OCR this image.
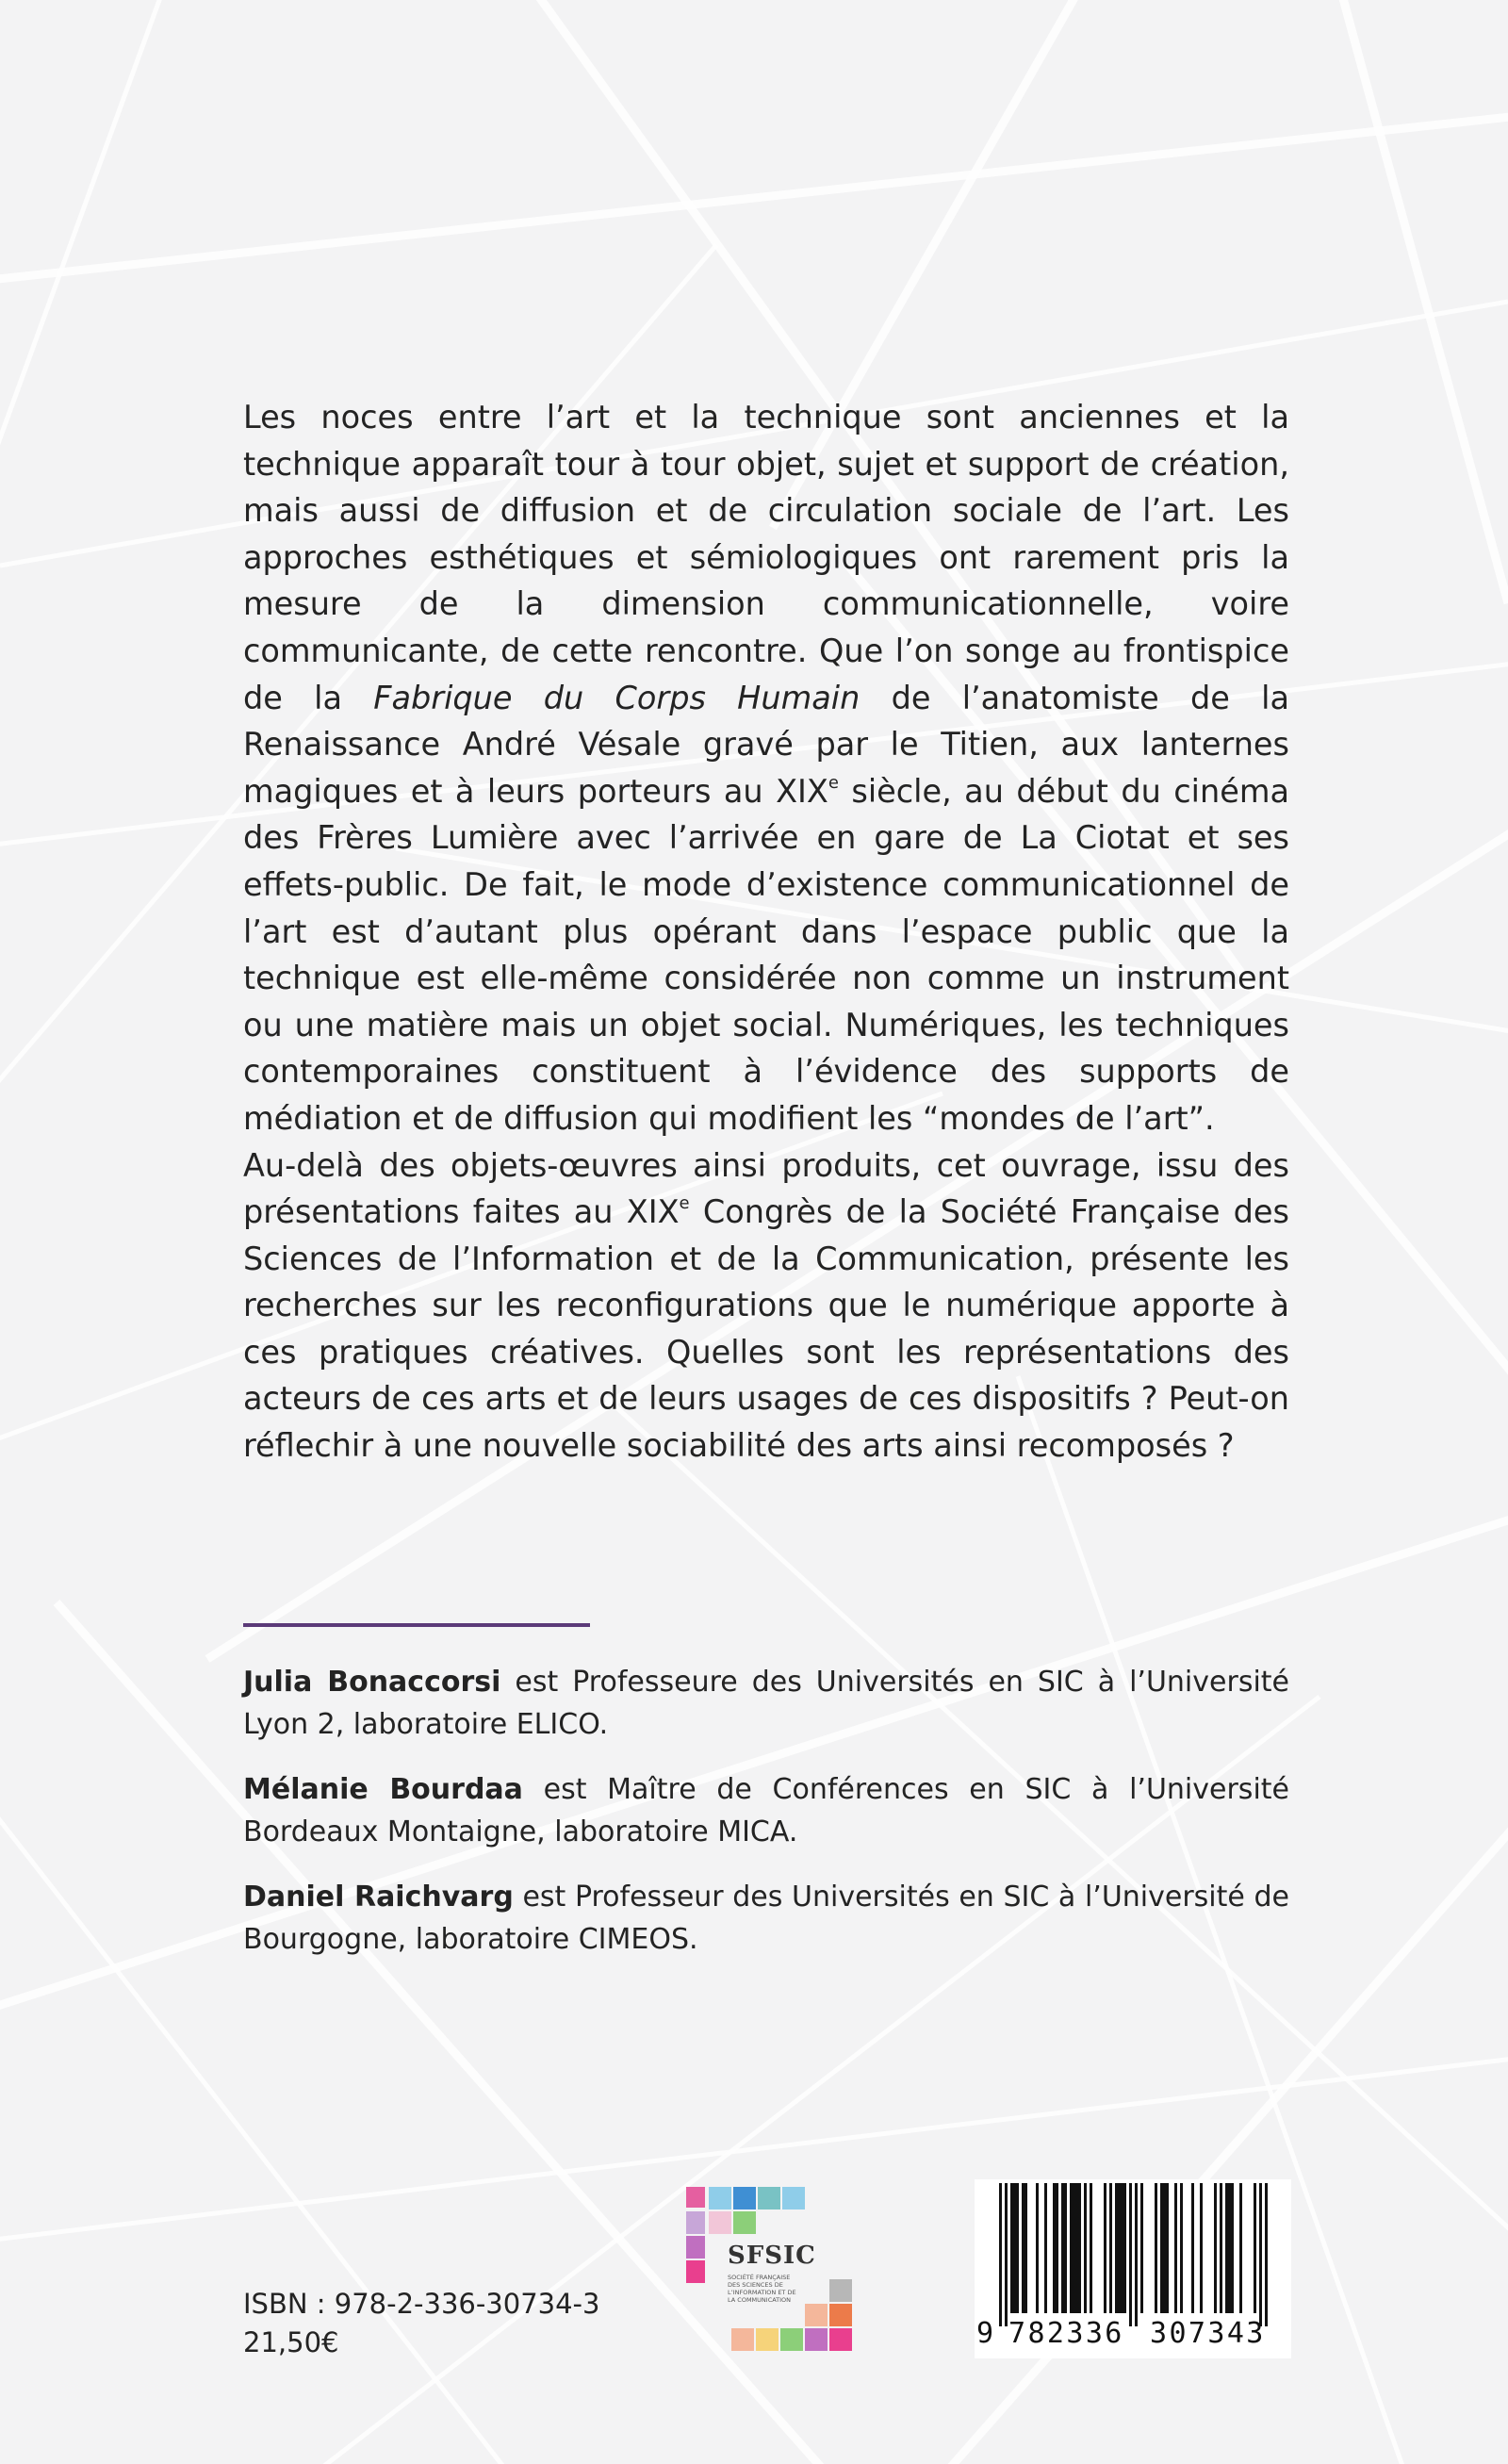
Les noces entre l’art et la technique sont anciennes et la technique apparaît tour à tour objet, sujet et support de création, mais aussi de diffusion et de circulation sociale de l’art. Les approches esthétiques et sémiologiques ont rarement pris la mesure de la dimension communicationnelle, voire communicante, de cette rencontre. Que l’on songe au frontispice de la Fabrique du Corps Humain de l’anatomiste de la Renaissance André Vésale gravé par le Titien, aux lanternes magiques et à leurs porteurs au XIXe siècle, au début du cinéma des Frères Lumière avec l’arrivée en gare de La Ciotat et ses effets-public. De fait, le mode d’existence communicationnel de l’art est d’autant plus opérant dans l’espace public que la technique est elle-même considérée non comme un instrument ou une matière mais un objet social. Numériques, les techniques contemporaines constituent à l’évidence des supports de médiation et de diffusion qui modifient les “mondes de l’art”.

Au-delà des objets-œuvres ainsi produits, cet ouvrage, issu des présentations faites au XIXe Congrès de la Société Française des Sciences de l’Information et de la Communication, présente les recherches sur les reconfigurations que le numérique apporte à ces pratiques créatives. Quelles sont les représentations des acteurs de ces arts et de leurs usages de ces dispositifs ? Peut-on réflechir à une nouvelle sociabilité des arts ainsi recomposés ?

Julia Bonaccorsi est Professeure des Universités en SIC à l’Université Lyon 2, laboratoire ELICO.

Mélanie Bourdaa est Maître de Conférences en SIC à l’Université Bordeaux Montaigne, laboratoire MICA.

Daniel Raichvarg est Professeur des Universités en SIC à l’Université de Bourgogne, laboratoire CIMEOS.

ISBN : 978-2-336-30734-3
21,50€
SFSIC
SOCIÉTÉ FRANÇAISE DES SCIENCES DE L’INFORMATION ET DE LA COMMUNICATION
9 782336 307343
